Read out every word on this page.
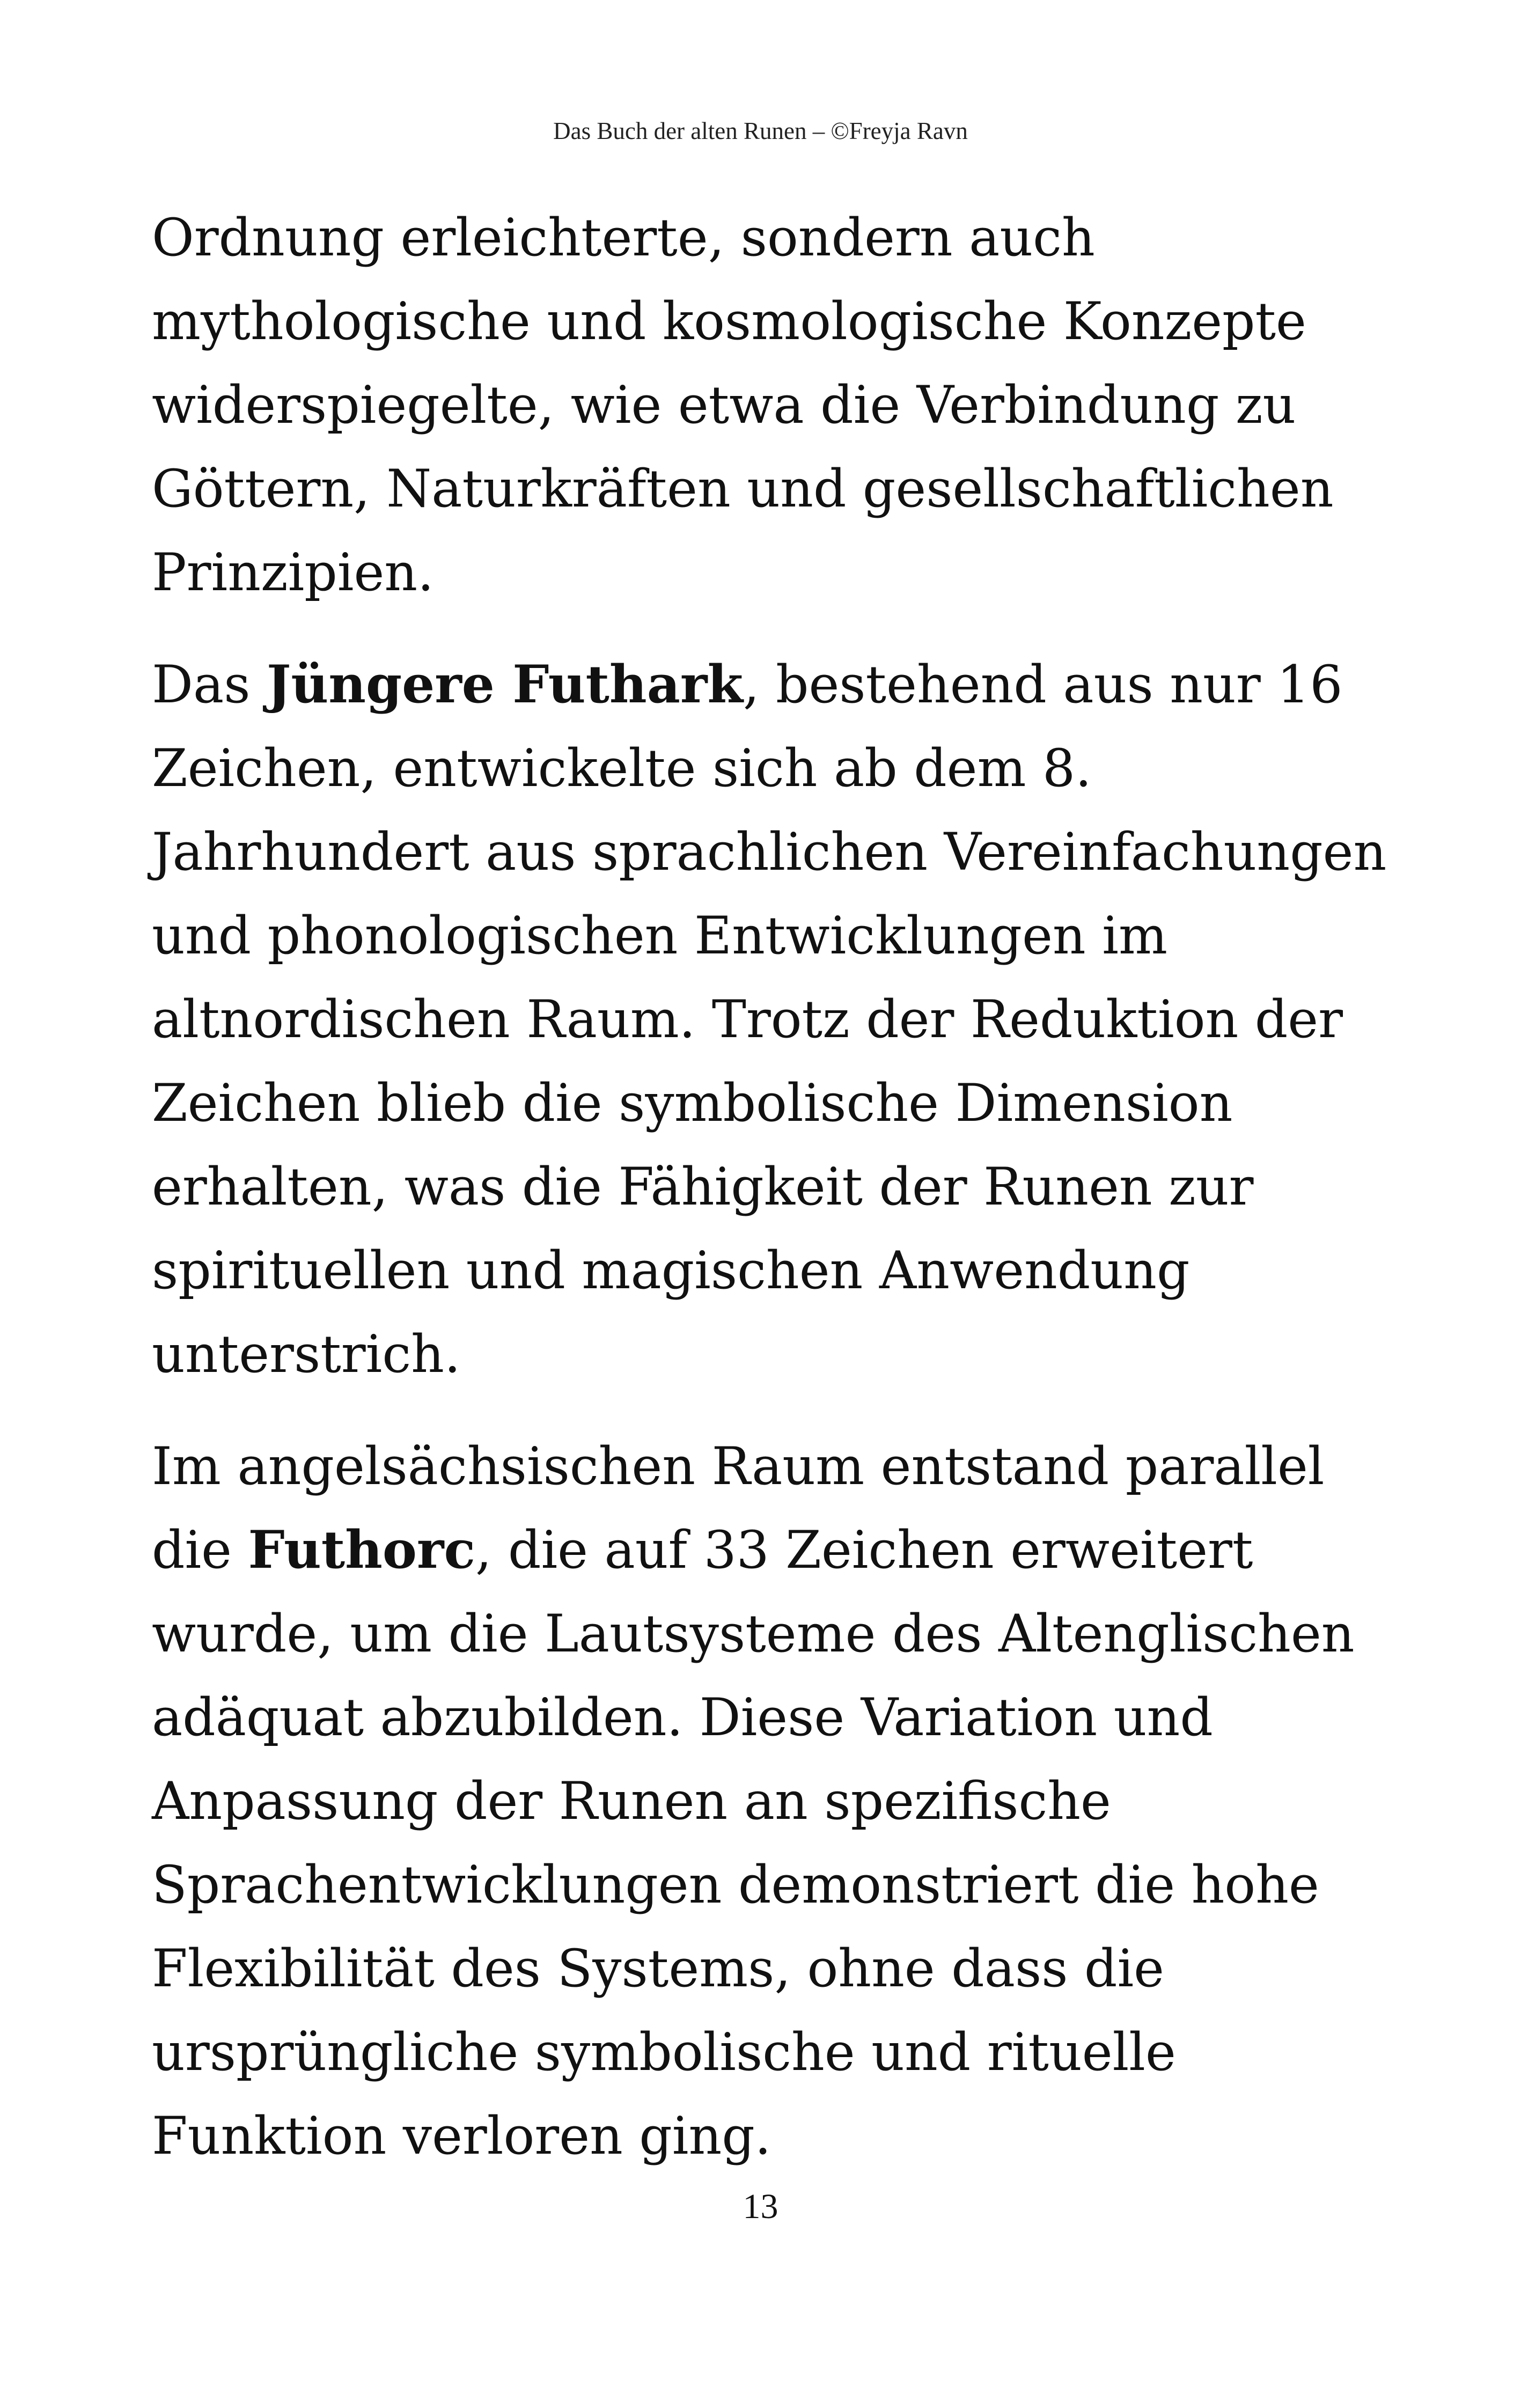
Das Buch der alten Runen – ©Freyja Ravn
Ordnung erleichterte, sondern auch
mythologische und kosmologische Konzepte
widerspiegelte, wie etwa die Verbindung zu
Göttern, Naturkräften und gesellschaftlichen
Prinzipien.
Das Jüngere Futhark, bestehend aus nur 16
Zeichen, entwickelte sich ab dem 8.
Jahrhundert aus sprachlichen Vereinfachungen
und phonologischen Entwicklungen im
altnordischen Raum. Trotz der Reduktion der
Zeichen blieb die symbolische Dimension
erhalten, was die Fähigkeit der Runen zur
spirituellen und magischen Anwendung
unterstrich.
Im angelsächsischen Raum entstand parallel
die Futhorc, die auf 33 Zeichen erweitert
wurde, um die Lautsysteme des Altenglischen
adäquat abzubilden. Diese Variation und
Anpassung der Runen an spezifische
Sprachentwicklungen demonstriert die hohe
Flexibilität des Systems, ohne dass die
ursprüngliche symbolische und rituelle
Funktion verloren ging.
13
